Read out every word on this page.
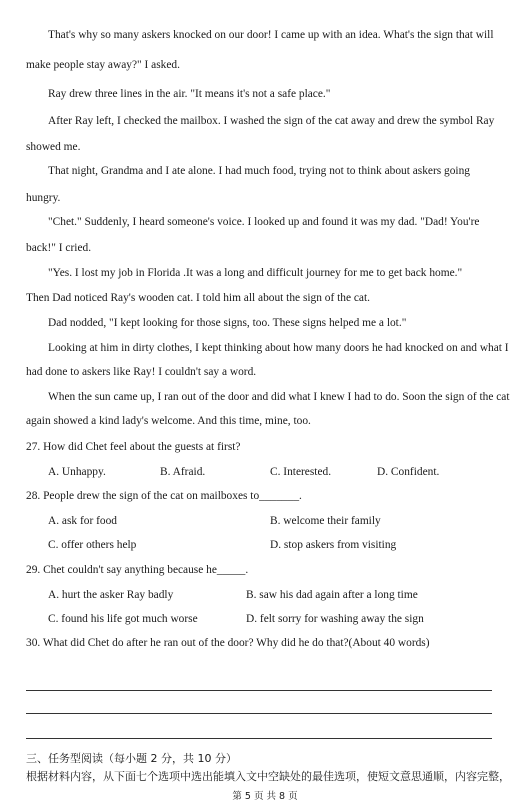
That's why so many askers knocked on our door! I came up with an idea. What's the sign that will
make people stay away?" I asked.
Ray drew three lines in the air. "It means it's not a safe place."
After Ray left, I checked the mailbox. I washed the sign of the cat away and drew the symbol Ray
showed me.
That night, Grandma and I ate alone. I had much food, trying not to think about askers going
hungry.
"Chet." Suddenly, I heard someone's voice. I looked up and found it was my dad. "Dad! You're
back!" I cried.
"Yes. I lost my job in Florida .It was a long and difficult journey for me to get back home."
Then Dad noticed Ray's wooden cat. I told him all about the sign of the cat.
Dad nodded, "I kept looking for those signs, too. These signs helped me a lot."
Looking at him in dirty clothes, I kept thinking about how many doors he had knocked on and what I
had done to askers like Ray! I couldn't say a word.
When the sun came up, I ran out of the door and did what I knew I had to do. Soon the sign of the cat
again showed a kind lady's welcome. And this time, mine, too.
27. How did Chet feel about the guests at first?
A. Unhappy.	B. Afraid.	C. Interested.	D. Confident.
28. People drew the sign of the cat on mailboxes to_______.
A. ask for food	B. welcome their family
C. offer others help	D. stop askers from visiting
29. Chet couldn't say anything because he_____.
A. hurt the asker Ray badly	B. saw his dad again after a long time
C. found his life got much worse	D. felt sorry for washing away the sign
30. What did Chet do after he ran out of the door? Why did he do that?(About 40 words)
三、任务型阅读（每小题 2 分，共 10 分）
根据材料内容，从下面七个选项中选出能填入文中空缺处的最佳选项，使短文意思通顺，内容完整，
第 5 页 共 8 页
